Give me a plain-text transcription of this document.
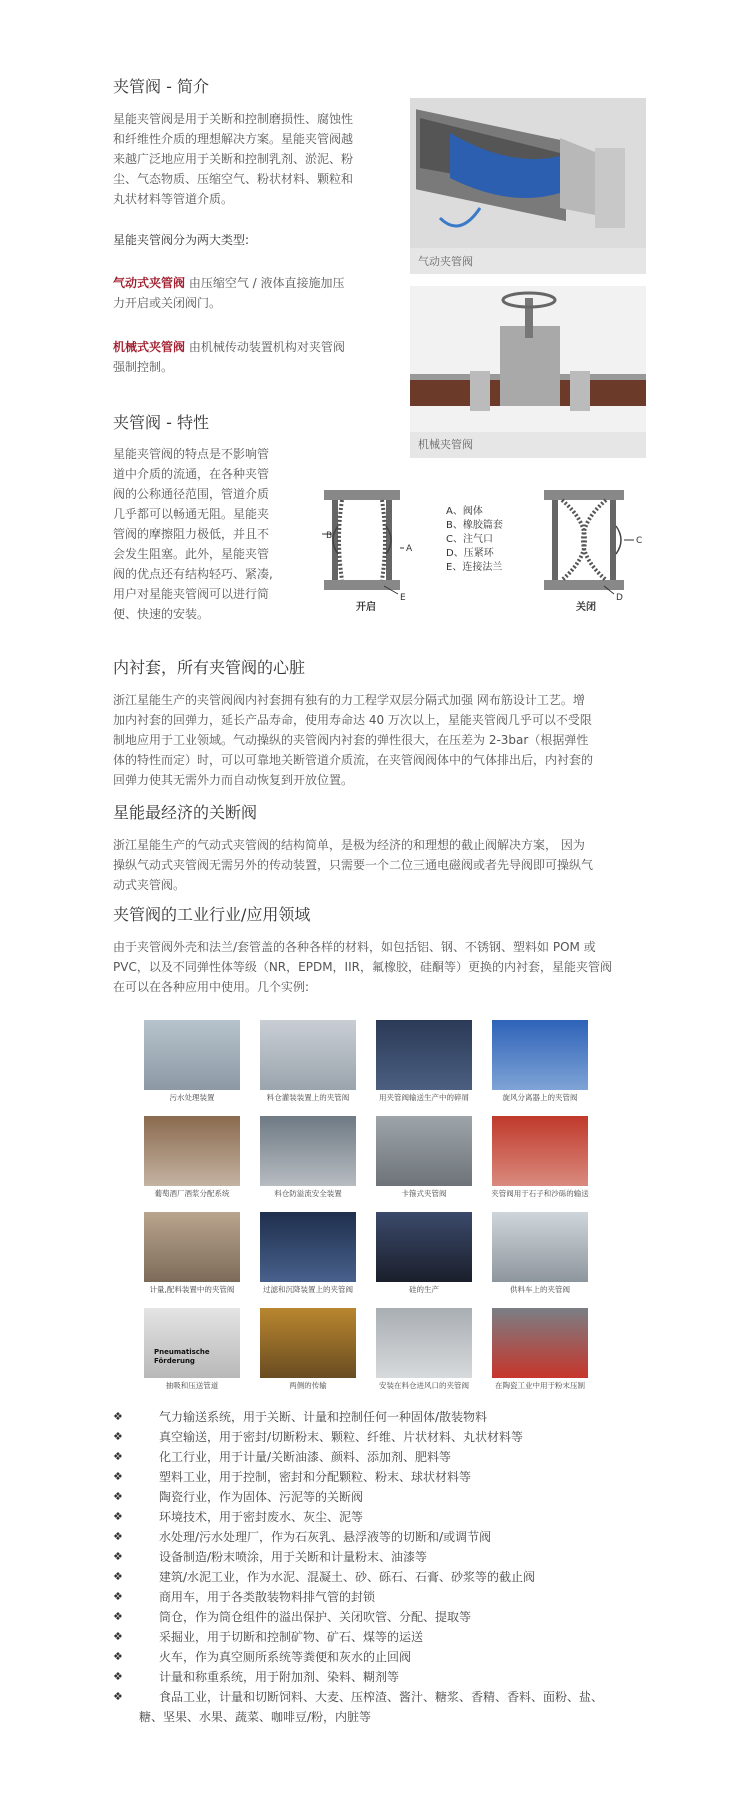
夹管阀 - 简介

星能夹管阀是用于关断和控制磨损性、腐蚀性

和纤维性介质的理想解决方案。星能夹管阀越

来越广泛地应用于关断和控制乳剂、淤泥、粉

尘、气态物质、压缩空气、粉状材料、颗粒和

丸状材料等管道介质。

星能夹管阀分为两大类型:

气动式夹管阀 由压缩空气 / 液体直接施加压

力开启或关闭阀门。

机械式夹管阀 由机械传动装置机构对夹管阀

强制控制。

气动夹管阀
机械夹管阀
夹管阀 - 特性

星能夹管阀的特点是不影响管

道中介质的流通，在各种夹管

阀的公称通径范围，管道介质

几乎都可以畅通无阻。星能夹

管阀的摩擦阻力极低，并且不

会发生阻塞。此外，星能夹管

阀的优点还有结构轻巧、紧凑,

用户对星能夹管阀可以进行简

便、快速的安装。

B
A
E
开启
A、阀体
B、橡胶篇套
C、注气口
D、压紧环
E、连接法兰
C
D
关闭
内衬套，所有夹管阀的心脏

浙江星能生产的夹管阀阀内衬套拥有独有的力工程学双层分隔式加强 网布筋设计工艺。增

加内衬套的回弹力，延长产品寿命，使用寿命达 40 万次以上，星能夹管阀几乎可以不受限

制地应用于工业领域。气动操纵的夹管阀内衬套的弹性很大，在压差为 2-3bar（根据弹性

体的特性而定）时，可以可靠地关断管道介质流，在夹管阀阀体中的气体排出后，内衬套的

回弹力使其无需外力而自动恢复到开放位置。

星能最经济的关断阀

浙江星能生产的气动式夹管阀的结构简单，是极为经济的和理想的截止阀解决方案， 因为

操纵气动式夹管阀无需另外的传动装置，只需要一个二位三通电磁阀或者先导阀即可操纵气

动式夹管阀。

夹管阀的工业行业/应用领域

由于夹管阀外壳和法兰/套管盖的各种各样的材料，如包括铝、钢、不锈钢、塑料如 POM 或

PVC，以及不同弹性体等级（NR，EPDM，IIR，氟橡胶，硅酮等）更换的内衬套，星能夹管阀

在可以在各种应用中使用。几个实例:

污水处理装置	料仓灌装装置上的夹管阀	用夹管阀输送生产中的碎屑	旋风分离器上的夹管阀
葡萄酒厂酒浆分配系统	料仓防溢流安全装置	卡箍式夹管阀	夹管阀用于石子和沙砾的输送
计量,配料装置中的夹管阀	过滤和沉降装置上的夹管阀	硅的生产	供料车上的夹管阀
Pneumatische
Förderung
抽吸和压送管道	两侧的传输	安装在料仓进风口的夹管阀	在陶瓷工业中用于粉末压制
❖	气力输送系统，用于关断、计量和控制任何一种固体/散装物料
❖	真空输送，用于密封/切断粉末、颗粒、纤维、片状材料、丸状材料等
❖	化工行业，用于计量/关断油漆、颜料、添加剂、肥料等
❖	塑料工业，用于控制，密封和分配颗粒、粉末、球状材料等
❖	陶瓷行业，作为固体、污泥等的关断阀
❖	环境技术，用于密封废水、灰尘、泥等
❖	水处理/污水处理厂，作为石灰乳、悬浮液等的切断和/或调节阀
❖	设备制造/粉末喷涂，用于关断和计量粉末、油漆等
❖	建筑/水泥工业，作为水泥、混凝土、砂、砾石、石膏、砂浆等的截止阀
❖	商用车，用于各类散装物料排气管的封锁
❖	筒仓，作为筒仓组件的溢出保护、关闭吹管、分配、提取等
❖	采掘业，用于切断和控制矿物、矿石、煤等的运送
❖	火车，作为真空厕所系统等粪便和灰水的止回阀
❖	计量和称重系统，用于附加剂、染料、糊剂等
❖	食品工业，计量和切断饲料、大麦、压榨渣、酱汁、糖浆、香精、香料、面粉、盐、
糖、坚果、水果、蔬菜、咖啡豆/粉，内脏等
